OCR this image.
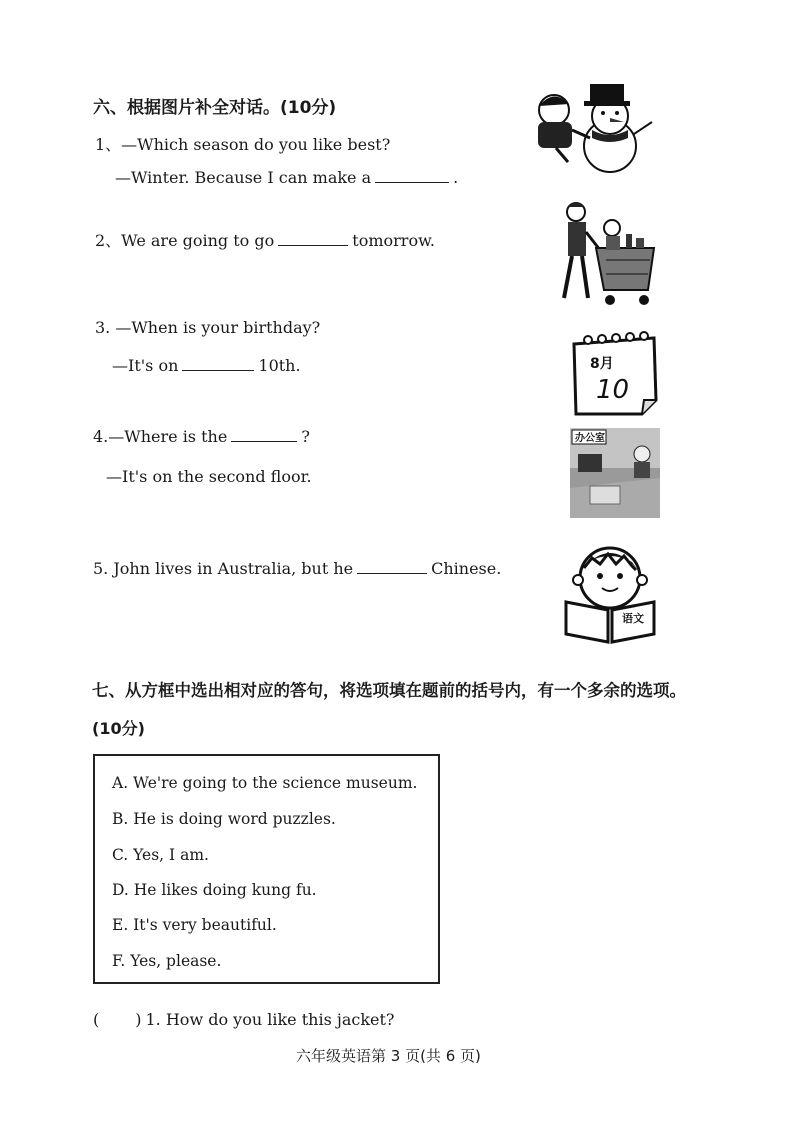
六、根据图片补全对话。(10分)
1、—Which season do you like best?
—Winter. Because I can make a	.
2、We are going to go	tomorrow.
3. —When is your birthday?
—It's on	10th.	8月
10
4.—Where is the	?
—It's on the second floor.
办公室
5. John lives in Australia, but he	Chinese.
语文
七、从方框中选出相对应的答句，将选项填在题前的括号内，有一个多余的选项。
(10分)
A. We're going to the science museum.
B. He is doing word puzzles.
C. Yes, I am.
D. He likes doing kung fu.
E. It's very beautiful.
F. Yes, please.
( ) 1. How do you like this jacket?
六年级英语第 3 页(共 6 页)
